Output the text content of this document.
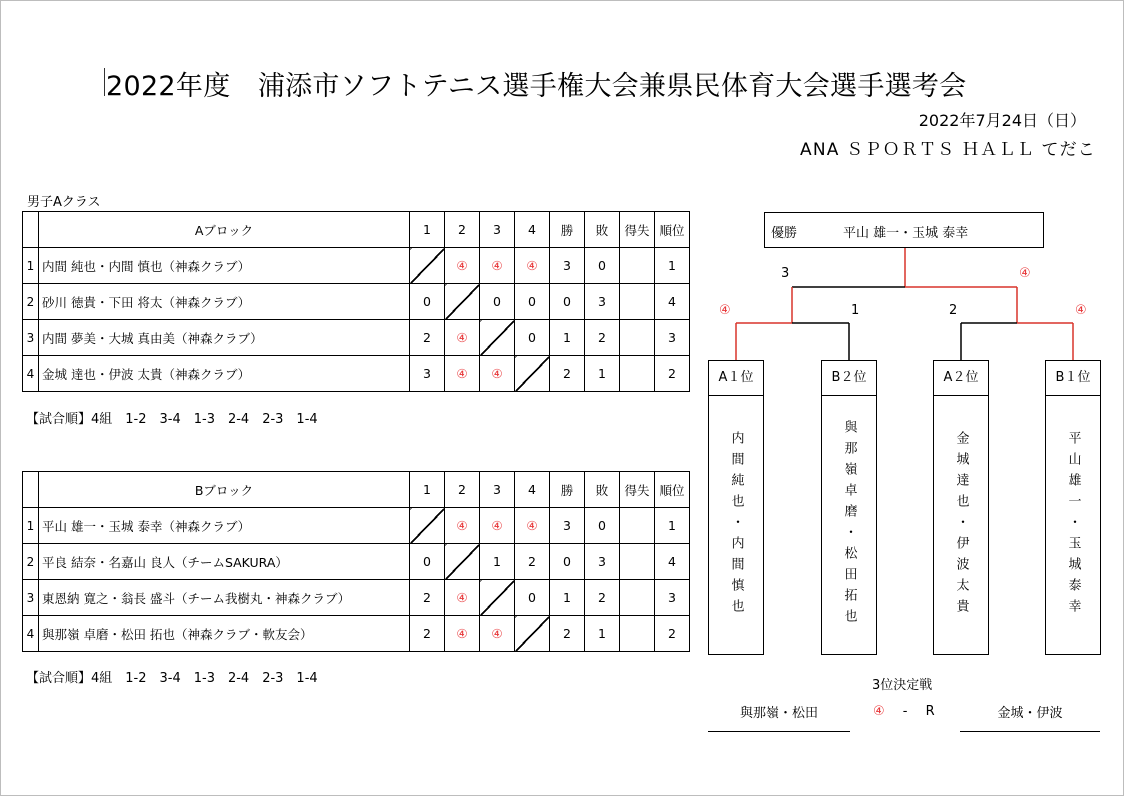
2022年度　浦添市ソフトテニス選手権大会兼県民体育大会選手選考会
2022年7月24日（日）
ANA ＳＰＯＲＴＳ ＨＡＬＬ てだこ
男子Aクラス
	Aブロック	1	2	3	4	勝	敗	得失	順位
1	内間 純也・内間 慎也（神森クラブ）		④	④	④	3	0		1
2	砂川 徳貴・下田 将太（神森クラブ）	0		0	0	0	3		4
3	内間 夢美・大城 真由美（神森クラブ）	2	④		0	1	2		3
4	金城 達也・伊波 太貴（神森クラブ）	3	④	④		2	1		2
【試合順】4組　1-2　3-4　1-3　2-4　2-3　1-4
	Bブロック	1	2	3	4	勝	敗	得失	順位
1	平山 雄一・玉城 泰幸（神森クラブ）		④	④	④	3	0		1
2	平良 結奈・名嘉山 良人（チームSAKURA）	0		1	2	0	3		4
3	東恩納 寛之・翁長 盛斗（チーム我樹丸・神森クラブ）	2	④		0	1	2		3
4	與那嶺 卓磨・松田 拓也（神森クラブ・軟友会）	2	④	④		2	1		2
【試合順】4組　1-2　3-4　1-3　2-4　2-3　1-4
優勝	平山 雄一・玉城 泰幸
3	④
④	1	2	④
A１位
内間純也・内間慎也
B２位
與那嶺卓磨・松田拓也
A２位
金城達也・伊波太貴
B１位
平山雄一・玉城泰幸
3位決定戦
與那嶺・松田	④ - R	金城・伊波
